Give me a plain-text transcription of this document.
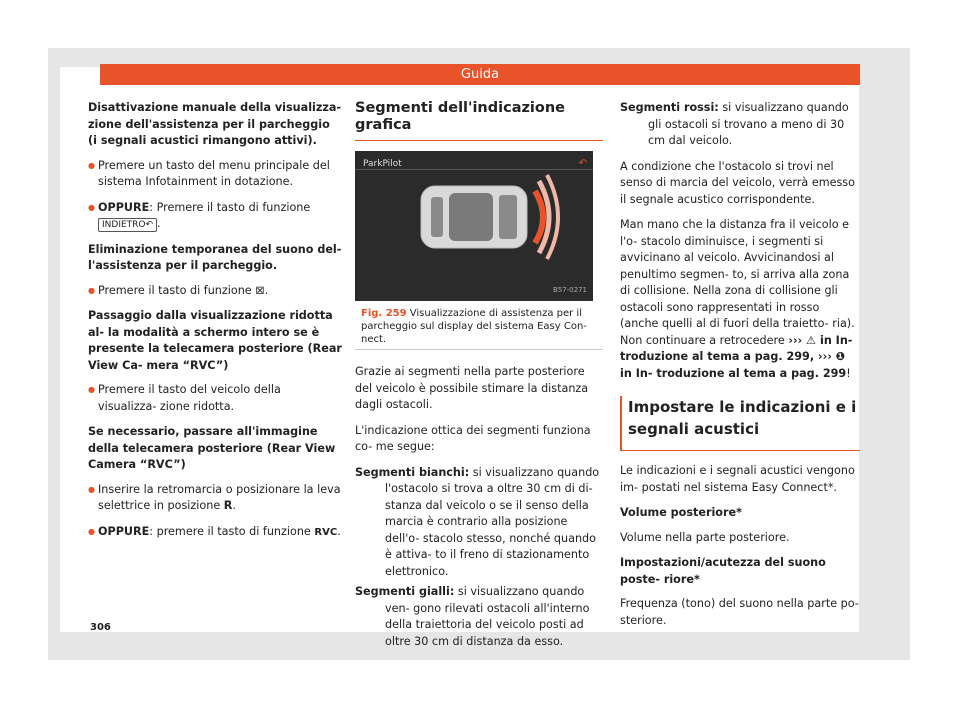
Guida

Disattivazione manuale della visualizza- zione dell'assistenza per il parcheggio (i segnali acustici rimangono attivi).

● Premere un tasto del menu principale del sistema Infotainment in dotazione.

● OPPURE: Premere il tasto di funzione
INDIETRO↶ .

Eliminazione temporanea del suono del- l'assistenza per il parcheggio.

● Premere il tasto di funzione ⊠.

Passaggio dalla visualizzazione ridotta al- la modalità a schermo intero se è presente la telecamera posteriore (Rear View Ca- mera “RVC”)

● Premere il tasto del veicolo della visualizza- zione ridotta.

Se necessario, passare all'immagine della telecamera posteriore (Rear View Camera “RVC”)

● Inserire la retromarcia o posizionare la leva selettrice in posizione R.

● OPPURE: premere il tasto di funzione RVC.

Segmenti dell'indicazione grafica
ParkPilot	↶
B57-0271
Fig. 259 Visualizzazione di assistenza per il parcheggio sul display del sistema Easy Con- nect.

Grazie ai segmenti nella parte posteriore del veicolo è possibile stimare la distanza dagli ostacoli.

L'indicazione ottica dei segmenti funziona co- me segue:

Segmenti bianchi: si visualizzano quando l'ostacolo si trova a oltre 30 cm di di- stanza dal veicolo o se il senso della marcia è contrario alla posizione dell'o- stacolo stesso, nonché quando è attiva- to il freno di stazionamento elettronico.

Segmenti gialli: si visualizzano quando ven- gono rilevati ostacoli all'interno della traiettoria del veicolo posti ad oltre 30 cm di distanza da esso.

Segmenti rossi: si visualizzano quando gli ostacoli si trovano a meno di 30 cm dal veicolo.

A condizione che l'ostacolo si trovi nel senso di marcia del veicolo, verrà emesso il segnale acustico corrispondente.

Man mano che la distanza fra il veicolo e l'o- stacolo diminuisce, i segmenti si avvicinano al veicolo. Avvicinandosi al penultimo segmen- to, si arriva alla zona di collisione. Nella zona di collisione gli ostacoli sono rappresentati in rosso (anche quelli al di fuori della traietto- ria). Non continuare a retrocedere ››› ⚠ in In- troduzione al tema a pag. 299, ››› ❶ in In- troduzione al tema a pag. 299!

Impostare le indicazioni e i segnali acustici

Le indicazioni e i segnali acustici vengono im- postati nel sistema Easy Connect*.

Volume posteriore*

Volume nella parte posteriore.

Impostazioni/acutezza del suono poste- riore*

Frequenza (tono) del suono nella parte po- steriore.

306
